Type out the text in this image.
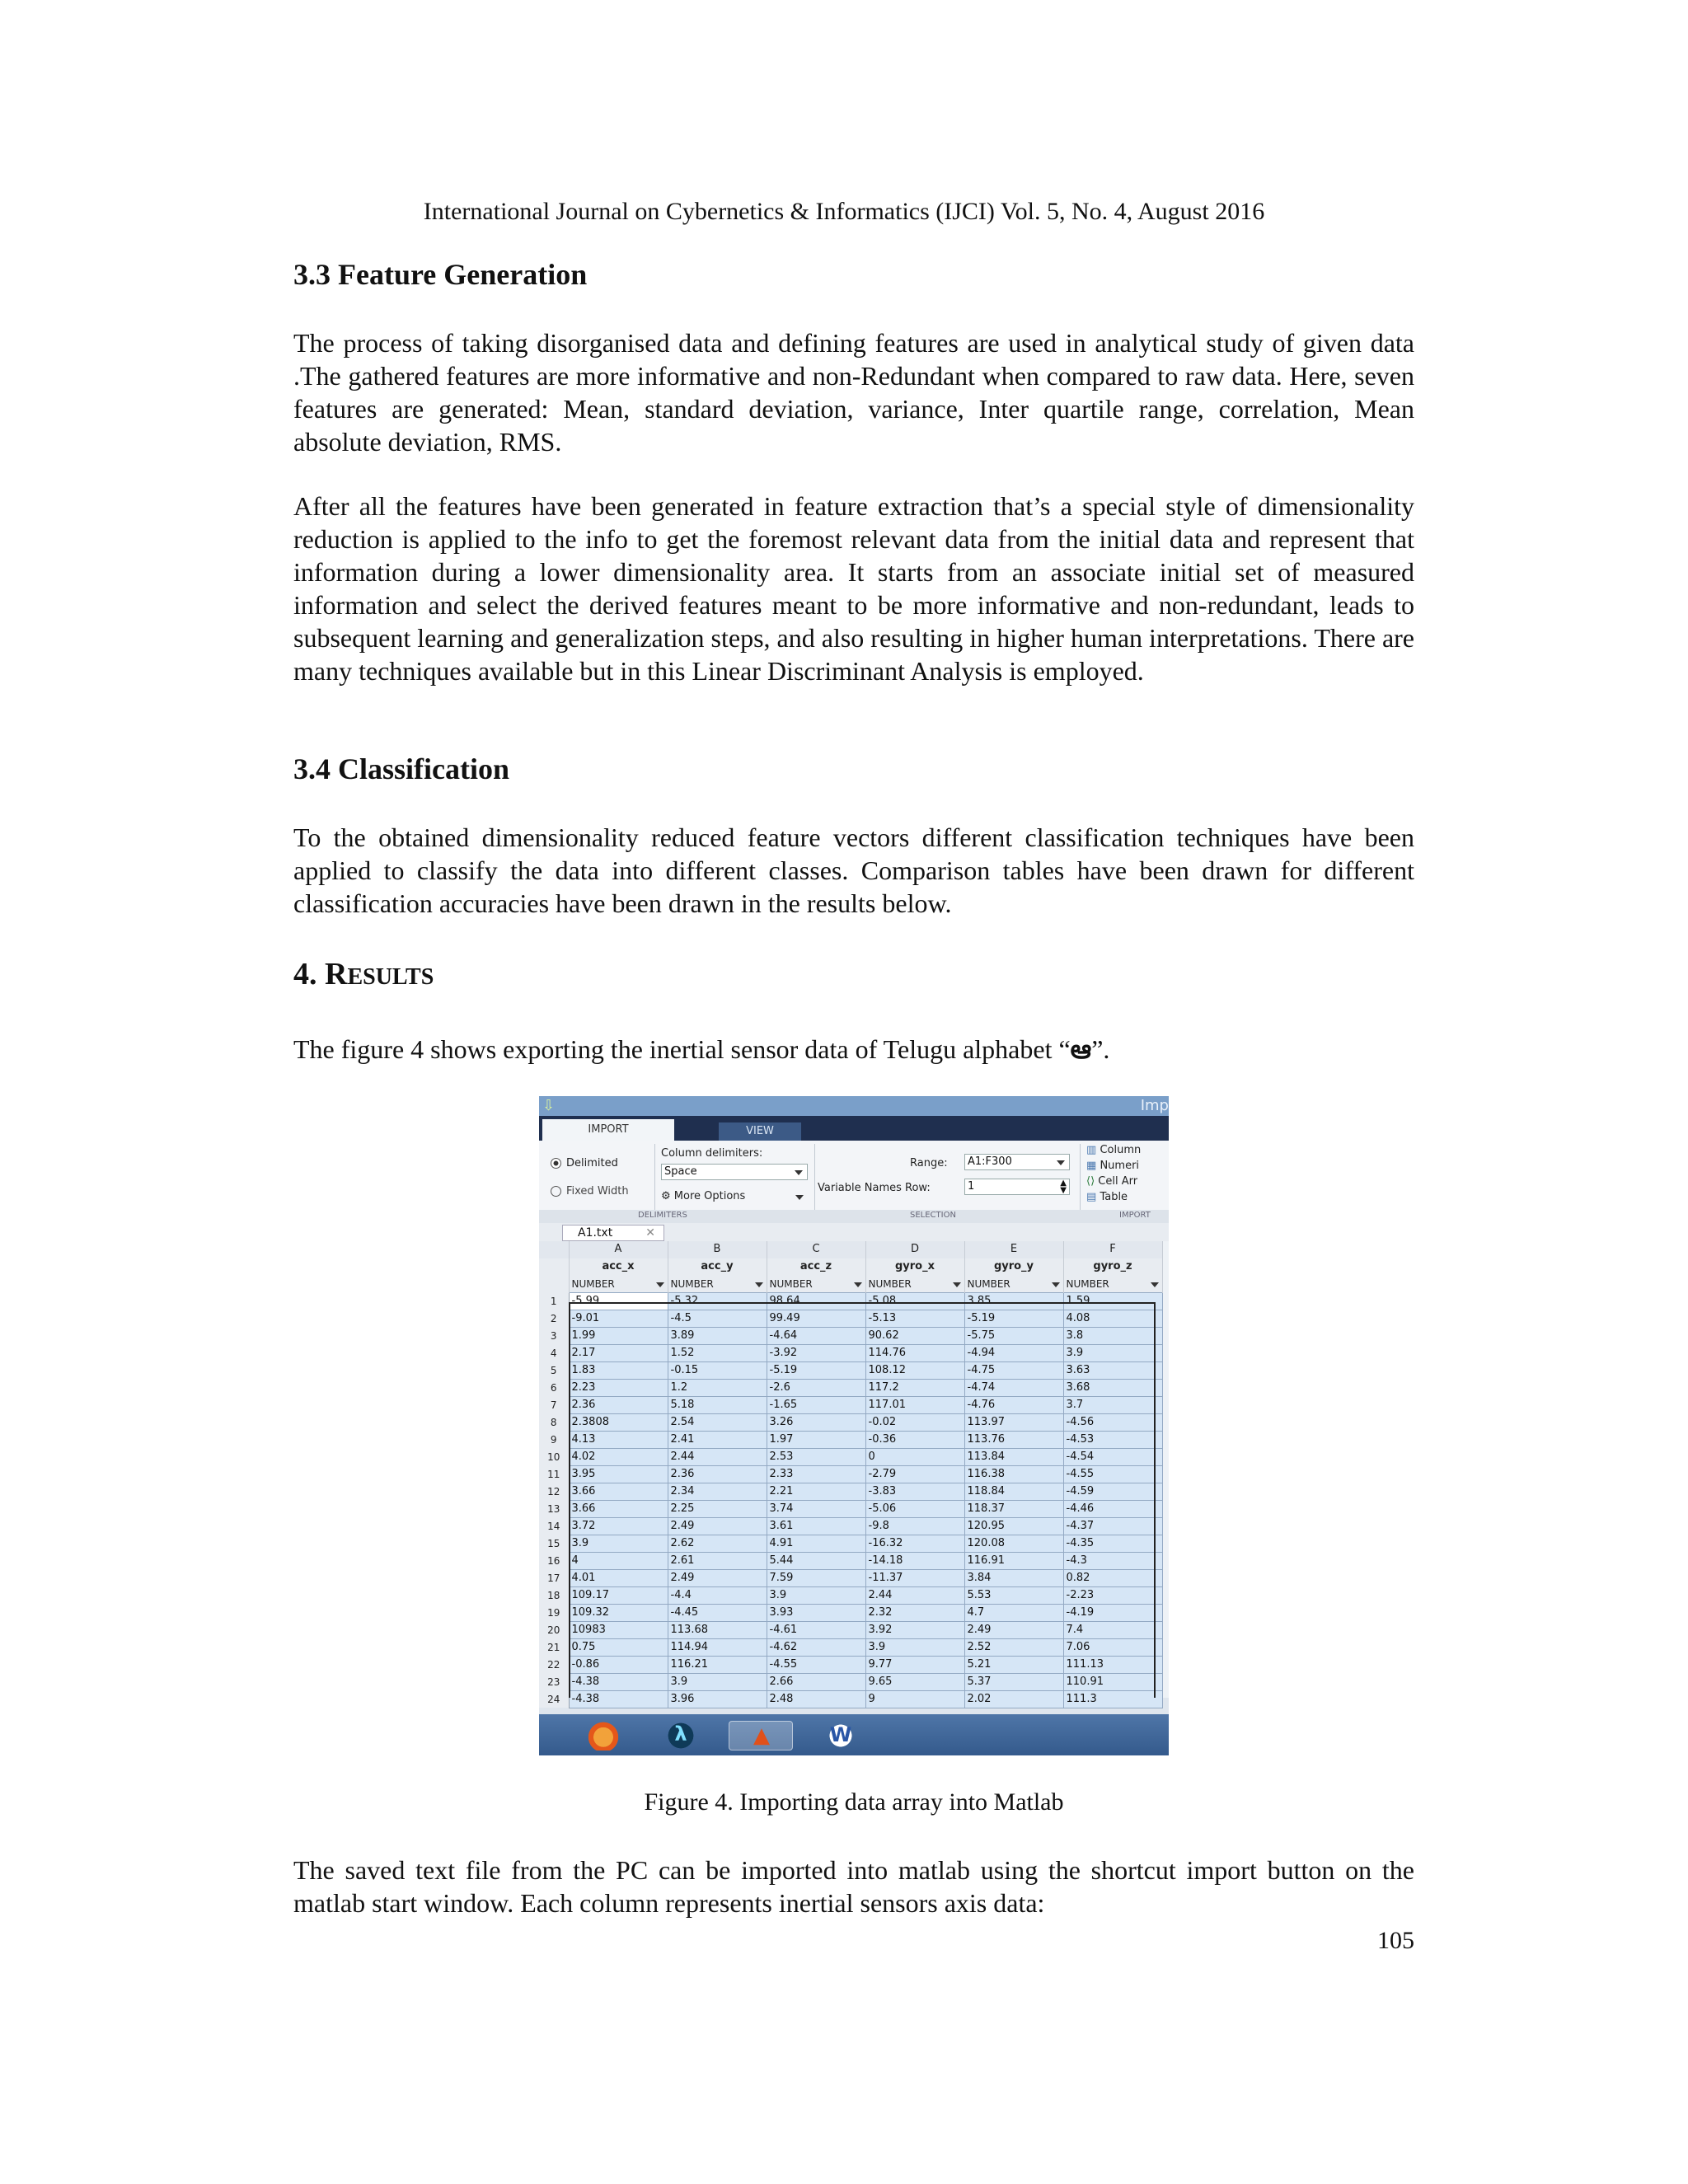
International Journal on Cybernetics & Informatics (IJCI) Vol. 5, No. 4, August 2016
3.3 Feature Generation
The process of taking disorganised data and defining features are used in analytical study of given data .The gathered features are more informative and non-Redundant when compared to raw data. Here, seven features are generated: Mean, standard deviation, variance, Inter quartile range, correlation, Mean absolute deviation, RMS.
After all the features have been generated in feature extraction that’s a special style of dimensionality reduction is applied to the info to get the foremost relevant data from the initial data and represent that information during a lower dimensionality area. It starts from an associate initial set of measured information and select the derived features meant to be more informative and non-redundant, leads to subsequent learning and generalization steps, and also resulting in higher human interpretations. There are many techniques available but in this Linear Discriminant Analysis is employed.
3.4 Classification
To the obtained dimensionality reduced feature vectors different classification techniques have been applied to classify the data into different classes. Comparison tables have been drawn for different classification accuracies have been drawn in the results below.
4. RESULTS
The figure 4 shows exporting the inertial sensor data of Telugu alphabet “ఆ”.
⇩	Imp
IMPORT	VIEW
Delimited
Fixed Width
Column delimiters:
Space
⚙ More Options
Range:	A1:F300
Variable Names Row:	1	▲
▼
▥ Column
▦ Numeri
⟨⟩ Cell Arr
▤ Table
DELIMITERS	SELECTION	IMPORT
A1.txt	✕
	A	B	C	D	E	F
	acc_x	acc_y	acc_z	gyro_x	gyro_y	gyro_z
	NUMBER	NUMBER	NUMBER	NUMBER	NUMBER	NUMBER

1	-5.99	-5.32	98.64	-5.08	3.85	1.59
2	-9.01	-4.5	99.49	-5.13	-5.19	4.08
3	1.99	3.89	-4.64	90.62	-5.75	3.8
4	2.17	1.52	-3.92	114.76	-4.94	3.9
5	1.83	-0.15	-5.19	108.12	-4.75	3.63
6	2.23	1.2	-2.6	117.2	-4.74	3.68
7	2.36	5.18	-1.65	117.01	-4.76	3.7
8	2.3808	2.54	3.26	-0.02	113.97	-4.56
9	4.13	2.41	1.97	-0.36	113.76	-4.53
10	4.02	2.44	2.53	0	113.84	-4.54
11	3.95	2.36	2.33	-2.79	116.38	-4.55
12	3.66	2.34	2.21	-3.83	118.84	-4.59
13	3.66	2.25	3.74	-5.06	118.37	-4.46
14	3.72	2.49	3.61	-9.8	120.95	-4.37
15	3.9	2.62	4.91	-16.32	120.08	-4.35
16	4	2.61	5.44	-14.18	116.91	-4.3
17	4.01	2.49	7.59	-11.37	3.84	0.82
18	109.17	-4.4	3.9	2.44	5.53	-2.23
19	109.32	-4.45	3.93	2.32	4.7	-4.19
20	10983	113.68	-4.61	3.92	2.49	7.4
21	0.75	114.94	-4.62	3.9	2.52	7.06
22	-0.86	116.21	-4.55	9.77	5.21	111.13
23	-4.38	3.9	2.66	9.65	5.37	110.91
24	-4.38	3.96	2.48	9	2.02	111.3
λ	▲	W
Figure 4. Importing data array into Matlab
The saved text file from the PC can be imported into matlab using the shortcut import button on the matlab start window. Each column represents inertial sensors axis data:
105
